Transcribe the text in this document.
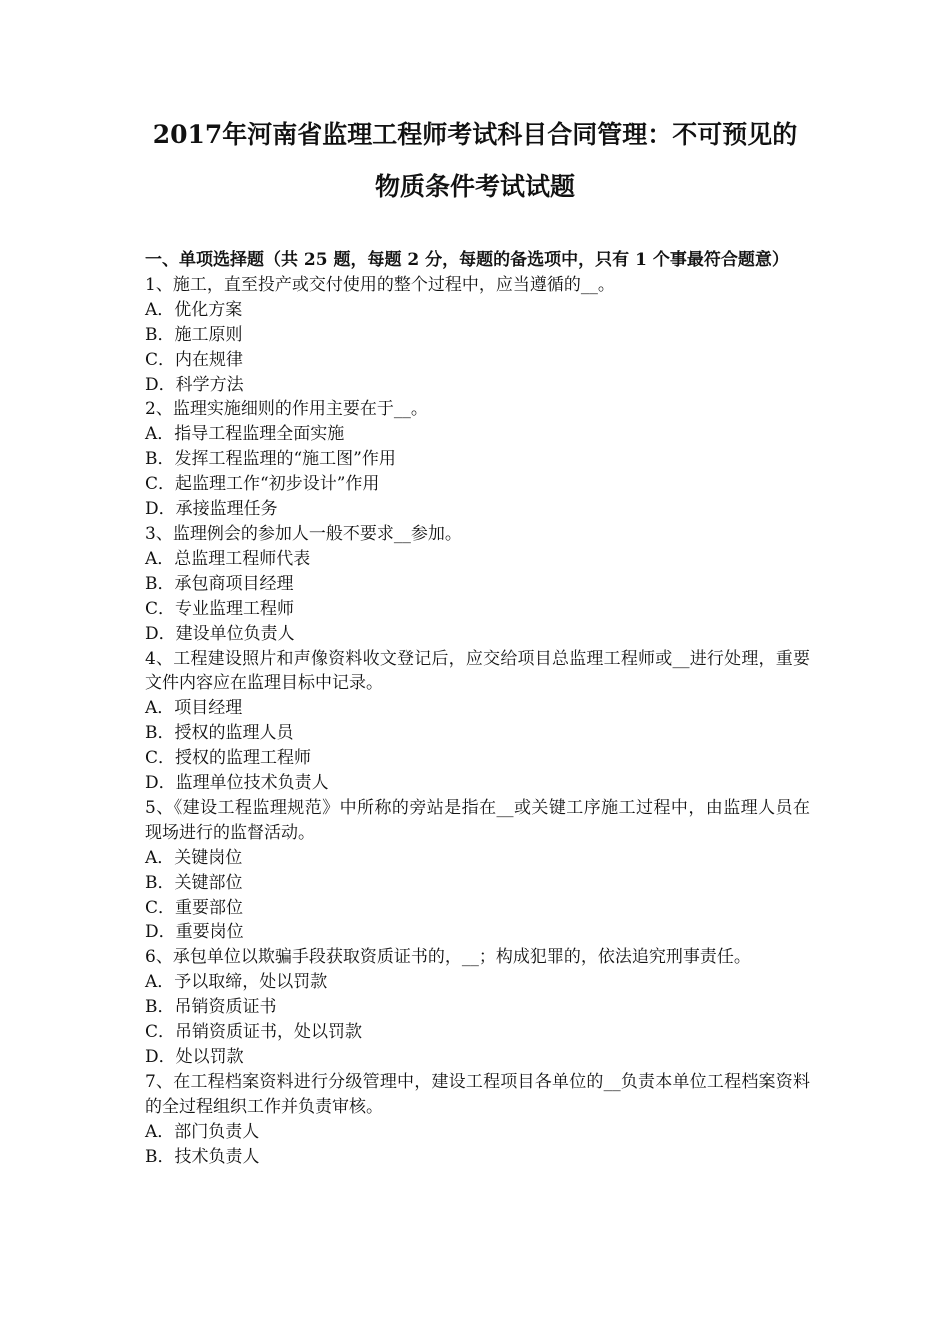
2017年河南省监理工程师考试科目合同管理：不可预见的
物质条件考试试题
一、单项选择题（共 25 题，每题 2 分，每题的备选项中，只有 1 个事最符合题意）
1、施工，直至投产或交付使用的整个过程中，应当遵循的__。
A．优化方案
B．施工原则
C．内在规律
D．科学方法
2、监理实施细则的作用主要在于__。
A．指导工程监理全面实施
B．发挥工程监理的“施工图”作用
C．起监理工作“初步设计”作用
D．承接监理任务
3、监理例会的参加人一般不要求__参加。
A．总监理工程师代表
B．承包商项目经理
C．专业监理工程师
D．建设单位负责人
4、工程建设照片和声像资料收文登记后，应交给项目总监理工程师或__进行处理，重要文件内容应在监理目标中记录。
A．项目经理
B．授权的监理人员
C．授权的监理工程师
D．监理单位技术负责人
5、《建设工程监理规范》中所称的旁站是指在__或关键工序施工过程中，由监理人员在现场进行的监督活动。
A．关键岗位
B．关键部位
C．重要部位
D．重要岗位
6、承包单位以欺骗手段获取资质证书的，__；构成犯罪的，依法追究刑事责任。
A．予以取缔，处以罚款
B．吊销资质证书
C．吊销资质证书，处以罚款
D．处以罚款
7、在工程档案资料进行分级管理中，建设工程项目各单位的__负责本单位工程档案资料的全过程组织工作并负责审核。
A．部门负责人
B．技术负责人
